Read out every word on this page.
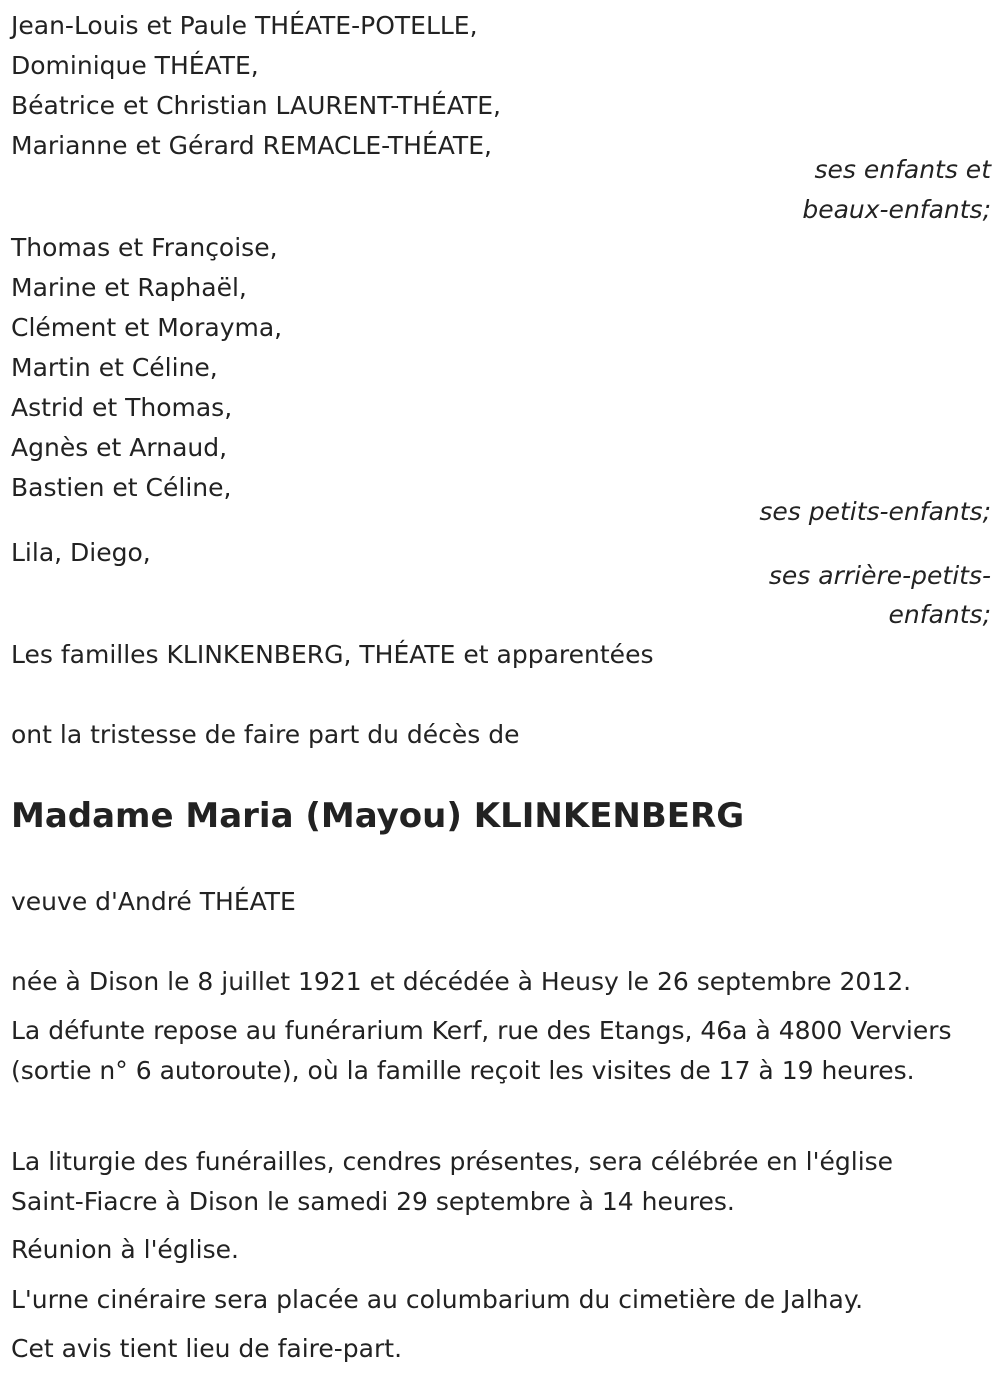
Jean-Louis et Paule THÉATE-POTELLE,
Dominique THÉATE,
Béatrice et Christian LAURENT-THÉATE,
Marianne et Gérard REMACLE-THÉATE,
ses enfants et
beaux-enfants;
Thomas et Françoise,
Marine et Raphaël,
Clément et Morayma,
Martin et Céline,
Astrid et Thomas,
Agnès et Arnaud,
Bastien et Céline,
ses petits-enfants;
Lila, Diego,
ses arrière-petits-
enfants;
Les familles KLINKENBERG, THÉATE et apparentées
ont la tristesse de faire part du décès de
Madame Maria (Mayou) KLINKENBERG
veuve d'André THÉATE
née à Dison le 8 juillet 1921 et décédée à Heusy le 26 septembre 2012.
La défunte repose au funérarium Kerf, rue des Etangs, 46a à 4800 Verviers (sortie n° 6 autoroute), où la famille reçoit les visites de 17 à 19 heures.
La liturgie des funérailles, cendres présentes, sera célébrée en l'église Saint-Fiacre à Dison le samedi 29 septembre à 14 heures.
Réunion à l'église.
L'urne cinéraire sera placée au columbarium du cimetière de Jalhay.
Cet avis tient lieu de faire-part.
